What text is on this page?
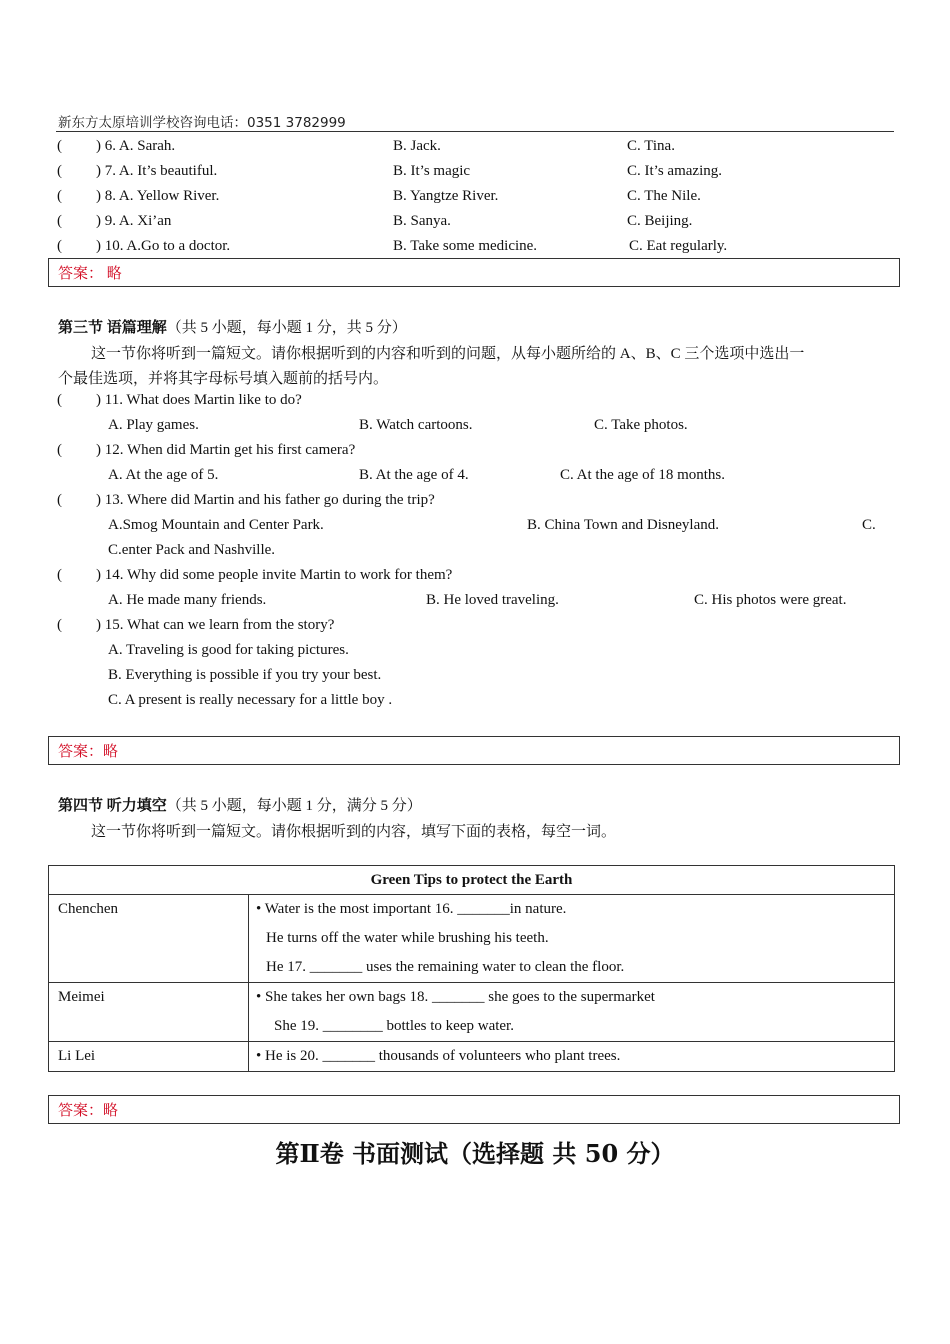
新东方太原培训学校咨询电话：0351 3782999
( ) 6. A. Sarah.	B. Jack.	C. Tina.
( ) 7. A. It’s beautiful.	B. It’s magic	C. It’s amazing.
( ) 8. A. Yellow River.	B. Yangtze River.	C. The Nile.
( ) 9. A. Xi’an	B. Sanya.	C. Beijing.
( ) 10. A.Go to a doctor.	B. Take some medicine.	C. Eat regularly.
答案： 略
第三节 语篇理解（共 5 小题，每小题 1 分，共 5 分）
这一节你将听到一篇短文。请你根据听到的内容和听到的问题，从每小题所给的 A、B、C 三个选项中选出一
个最佳选项，并将其字母标号填入题前的括号内。
( ) 11. What does Martin like to do?
A. Play games.	B. Watch cartoons.	C. Take photos.
( ) 12. When did Martin get his first camera?
A. At the age of 5.	B. At the age of 4.	C. At the age of 18 months.
( ) 13. Where did Martin and his father go during the trip?
A.Smog Mountain and Center Park.	B. China Town and Disneyland.	C.
C.enter Pack and Nashville.
( ) 14. Why did some people invite Martin to work for them?
A. He made many friends.	B. He loved traveling.	C. His photos were great.
( ) 15. What can we learn from the story?
A. Traveling is good for taking pictures.
B. Everything is possible if you try your best.
C. A present is really necessary for a little boy .
答案：略
第四节 听力填空（共 5 小题，每小题 1 分，满分 5 分）
这一节你将听到一篇短文。请你根据听到的内容，填写下面的表格，每空一词。
Green Tips to protect the Earth	
Chenchen	• Water is the most important 16. _______in nature.
He turns off the water while brushing his teeth.
He 17. _______ uses the remaining water to clean the floor.

Meimei	• She takes her own bags 18. _______ she goes to the supermarket
She 19. ________ bottles to keep water.

Li Lei	• He is 20. _______ thousands of volunteers who plant trees.
答案：略
第Ⅱ卷 书面测试（选择题 共 50 分）
